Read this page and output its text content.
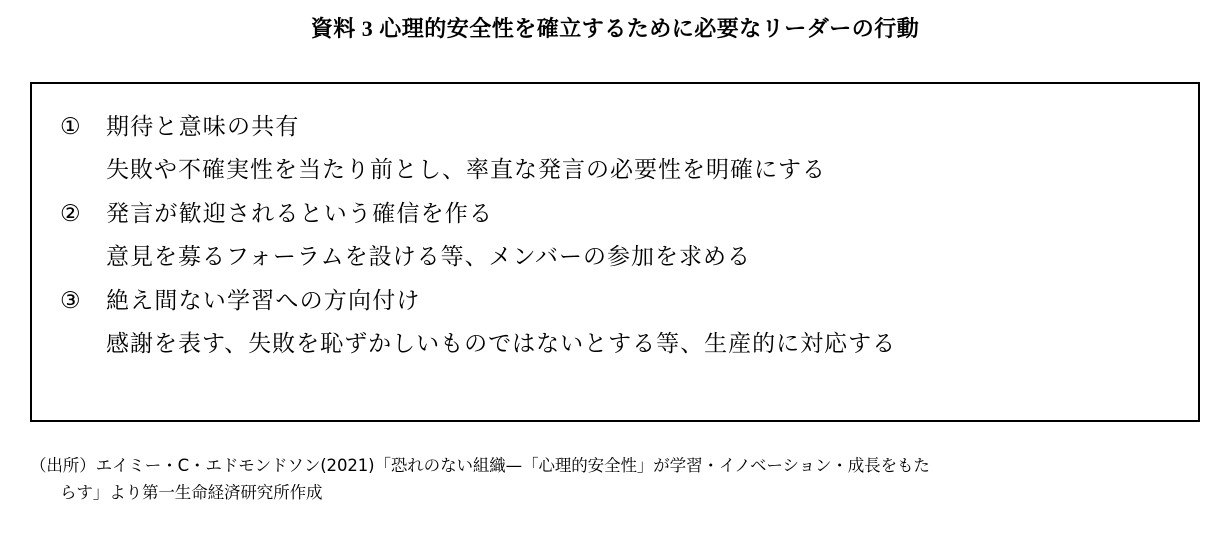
資料 3 心理的安全性を確立するために必要なリーダーの行動
①	期待と意味の共有
失敗や不確実性を当たり前とし、率直な発言の必要性を明確にする
②	発言が歓迎されるという確信を作る
意見を募るフォーラムを設ける等、メンバーの参加を求める
③	絶え間ない学習への方向付け
感謝を表す、失敗を恥ずかしいものではないとする等、生産的に対応する
（出所）エイミー・C・エドモンドソン(2021)「恐れのない組織—「心理的安全性」が学習・イノベーション・成長をもた
らす」より第一生命経済研究所作成
